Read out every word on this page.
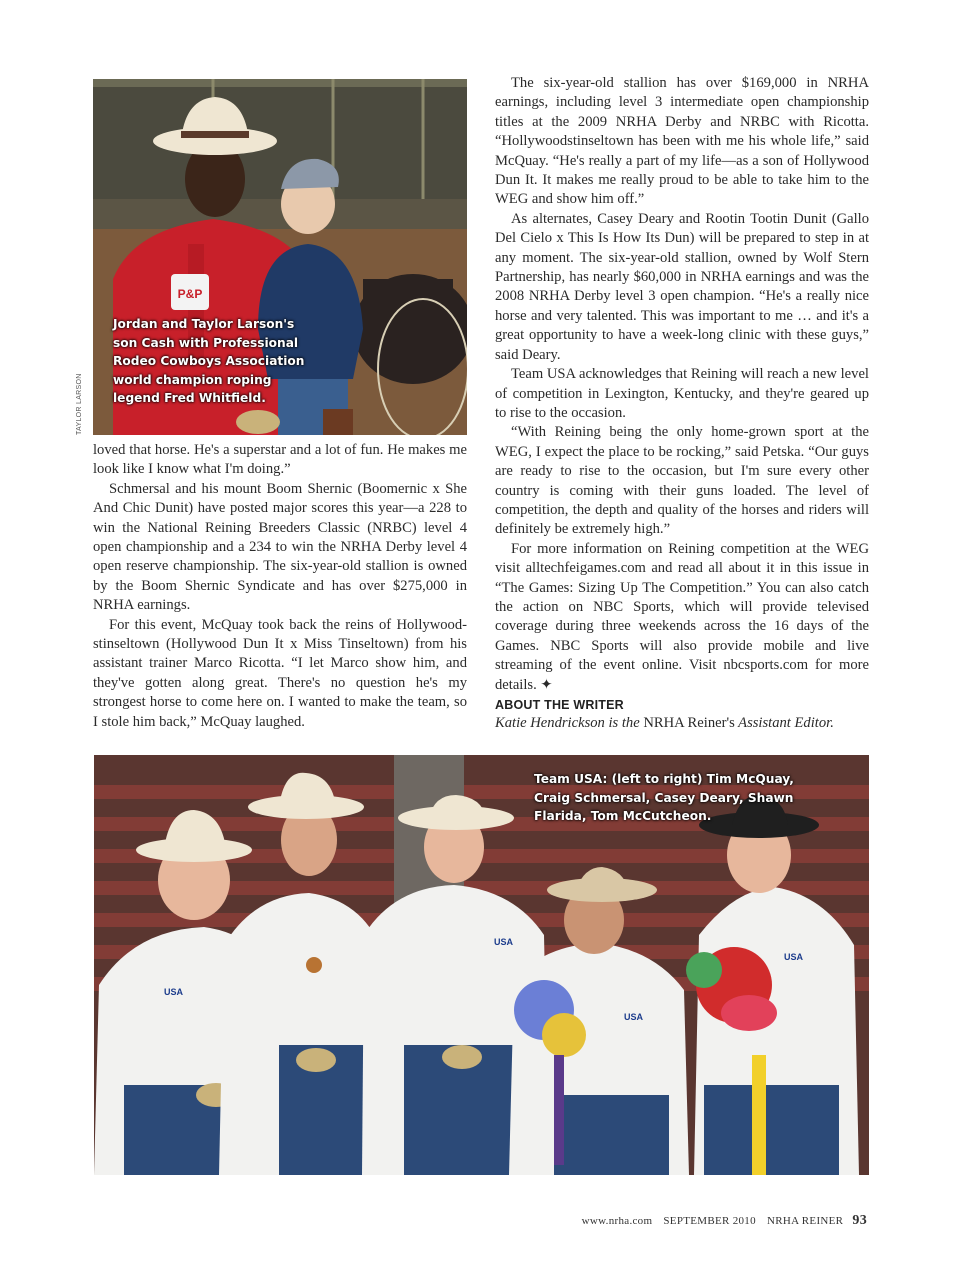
P&P
Jordan and Taylor Larson's
son Cash with Professional
Rodeo Cowboys Association
world champion roping
legend Fred Whitfield.
TAYLOR LARSON

loved that horse. He's a superstar and a lot of fun. He makes me look like I know what I'm doing.”

Schmersal and his mount Boom Shernic (Boomernic x She And Chic Dunit) have posted major scores this year—a 228 to win the National Reining Breeders Classic (NRBC) level 4 open championship and a 234 to win the NRHA Derby level 4 open reserve championship. The six-year-old stallion is owned by the Boom Shernic Syndicate and has over $275,000 in NRHA earnings.

For this event, McQuay took back the reins of Hollywoodstinseltown (Hollywood Dun It x Miss Tinseltown) from his assistant trainer Marco Ricotta. “I let Marco show him, and they've gotten along great. There's no question he's my strongest horse to come here on. I wanted to make the team, so I stole him back,” McQuay laughed.

The six-year-old stallion has over $169,000 in NRHA earnings, including level 3 intermediate open championship titles at the 2009 NRHA Derby and NRBC with Ricotta. “Hollywoodstinseltown has been with me his whole life,” said McQuay. “He's really a part of my life—as a son of Hollywood Dun It. It makes me really proud to be able to take him to the WEG and show him off.”

As alternates, Casey Deary and Rootin Tootin Dunit (Gallo Del Cielo x This Is How Its Dun) will be prepared to step in at any moment. The six-year-old stallion, owned by Wolf Stern Partnership, has nearly $60,000 in NRHA earnings and was the 2008 NRHA Derby level 3 open champion. “He's a really nice horse and very talented. This was important to me … and it's a great opportunity to have a week-long clinic with these guys,” said Deary.

Team USA acknowledges that Reining will reach a new level of competition in Lexington, Kentucky, and they're geared up to rise to the occasion.

“With Reining being the only home-grown sport at the WEG, I expect the place to be rocking,” said Petska. “Our guys are ready to rise to the occasion, but I'm sure every other country is coming with their guns loaded. The level of competition, the depth and quality of the horses and riders will definitely be extremely high.”

For more information on Reining competition at the WEG visit alltechfeigames.com and read all about it in this issue in “The Games: Sizing Up The Competition.” You can also catch the action on NBC Sports, which will provide televised coverage during three weekends across the 16 days of the Games. NBC Sports will also provide mobile and live streaming of the event online. Visit nbcsports.com for more details. ✦

ABOUT THE WRITER
Katie Hendrickson is the NRHA Reiner's Assistant Editor.
USA
USA
USA
USA
Team USA: (left to right) Tim McQuay,
Craig Schmersal, Casey Deary, Shawn
Flarida, Tom McCutcheon.
www.nrha.com SEPTEMBER 2010 NRHA REINER 93
